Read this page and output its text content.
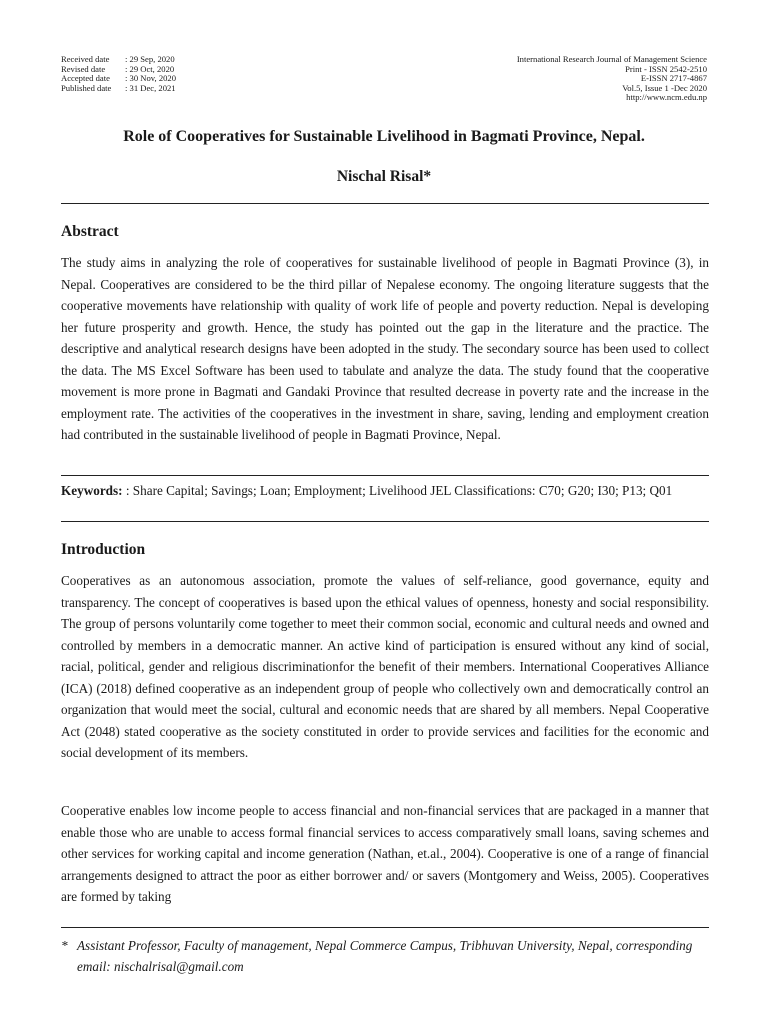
Received date	: 29 Sep, 2020
Revised date	: 29 Oct, 2020
Accepted date	: 30 Nov, 2020
Published date	: 31 Dec, 2021
International Research Journal of Management Science
Print - ISSN 2542-2510
E-ISSN 2717-4867
Vol.5, Issue 1 -Dec 2020
http://www.ncm.edu.np
Role of Cooperatives for Sustainable Livelihood in Bagmati Province, Nepal.
Nischal Risal*
Abstract
The study aims in analyzing the role of cooperatives for sustainable livelihood of people in Bagmati Province (3), in Nepal. Cooperatives are considered to be the third pillar of Nepalese economy. The ongoing literature suggests that the cooperative movements have relationship with quality of work life of people and poverty reduction. Nepal is developing her future prosperity and growth. Hence, the study has pointed out the gap in the literature and the practice. The descriptive and analytical research designs have been adopted in the study. The secondary source has been used to collect the data. The MS Excel Software has been used to tabulate and analyze the data. The study found that the cooperative movement is more prone in Bagmati and Gandaki Province that resulted decrease in poverty rate and the increase in the employment rate. The activities of the cooperatives in the investment in share, saving, lending and employment creation had contributed in the sustainable livelihood of people in Bagmati Province, Nepal.
Keywords: : Share Capital; Savings; Loan; Employment; Livelihood JEL Classifications: C70; G20; I30; P13; Q01
Introduction
Cooperatives as an autonomous association, promote the values of self-reliance, good governance, equity and transparency. The concept of cooperatives is based upon the ethical values of openness, honesty and social responsibility. The group of persons voluntarily come together to meet their common social, economic and cultural needs and owned and controlled by members in a democratic manner. An active kind of participation is ensured without any kind of social, racial, political, gender and religious discriminationfor the benefit of their members. International Cooperatives Alliance (ICA) (2018) defined cooperative as an independent group of people who collectively own and democratically control an organization that would meet the social, cultural and economic needs that are shared by all members. Nepal Cooperative Act (2048) stated cooperative as the society constituted in order to provide services and facilities for the economic and social development of its members.
Cooperative enables low income people to access financial and non-financial services that are packaged in a manner that enable those who are unable to access formal financial services to access comparatively small loans, saving schemes and other services for working capital and income generation (Nathan, et.al., 2004). Cooperative is one of a range of financial arrangements designed to attract the poor as either borrower and/ or savers (Montgomery and Weiss, 2005). Cooperatives are formed by taking
* Assistant Professor, Faculty of management, Nepal Commerce Campus, Tribhuvan University, Nepal, corresponding email: nischalrisal@gmail.com
